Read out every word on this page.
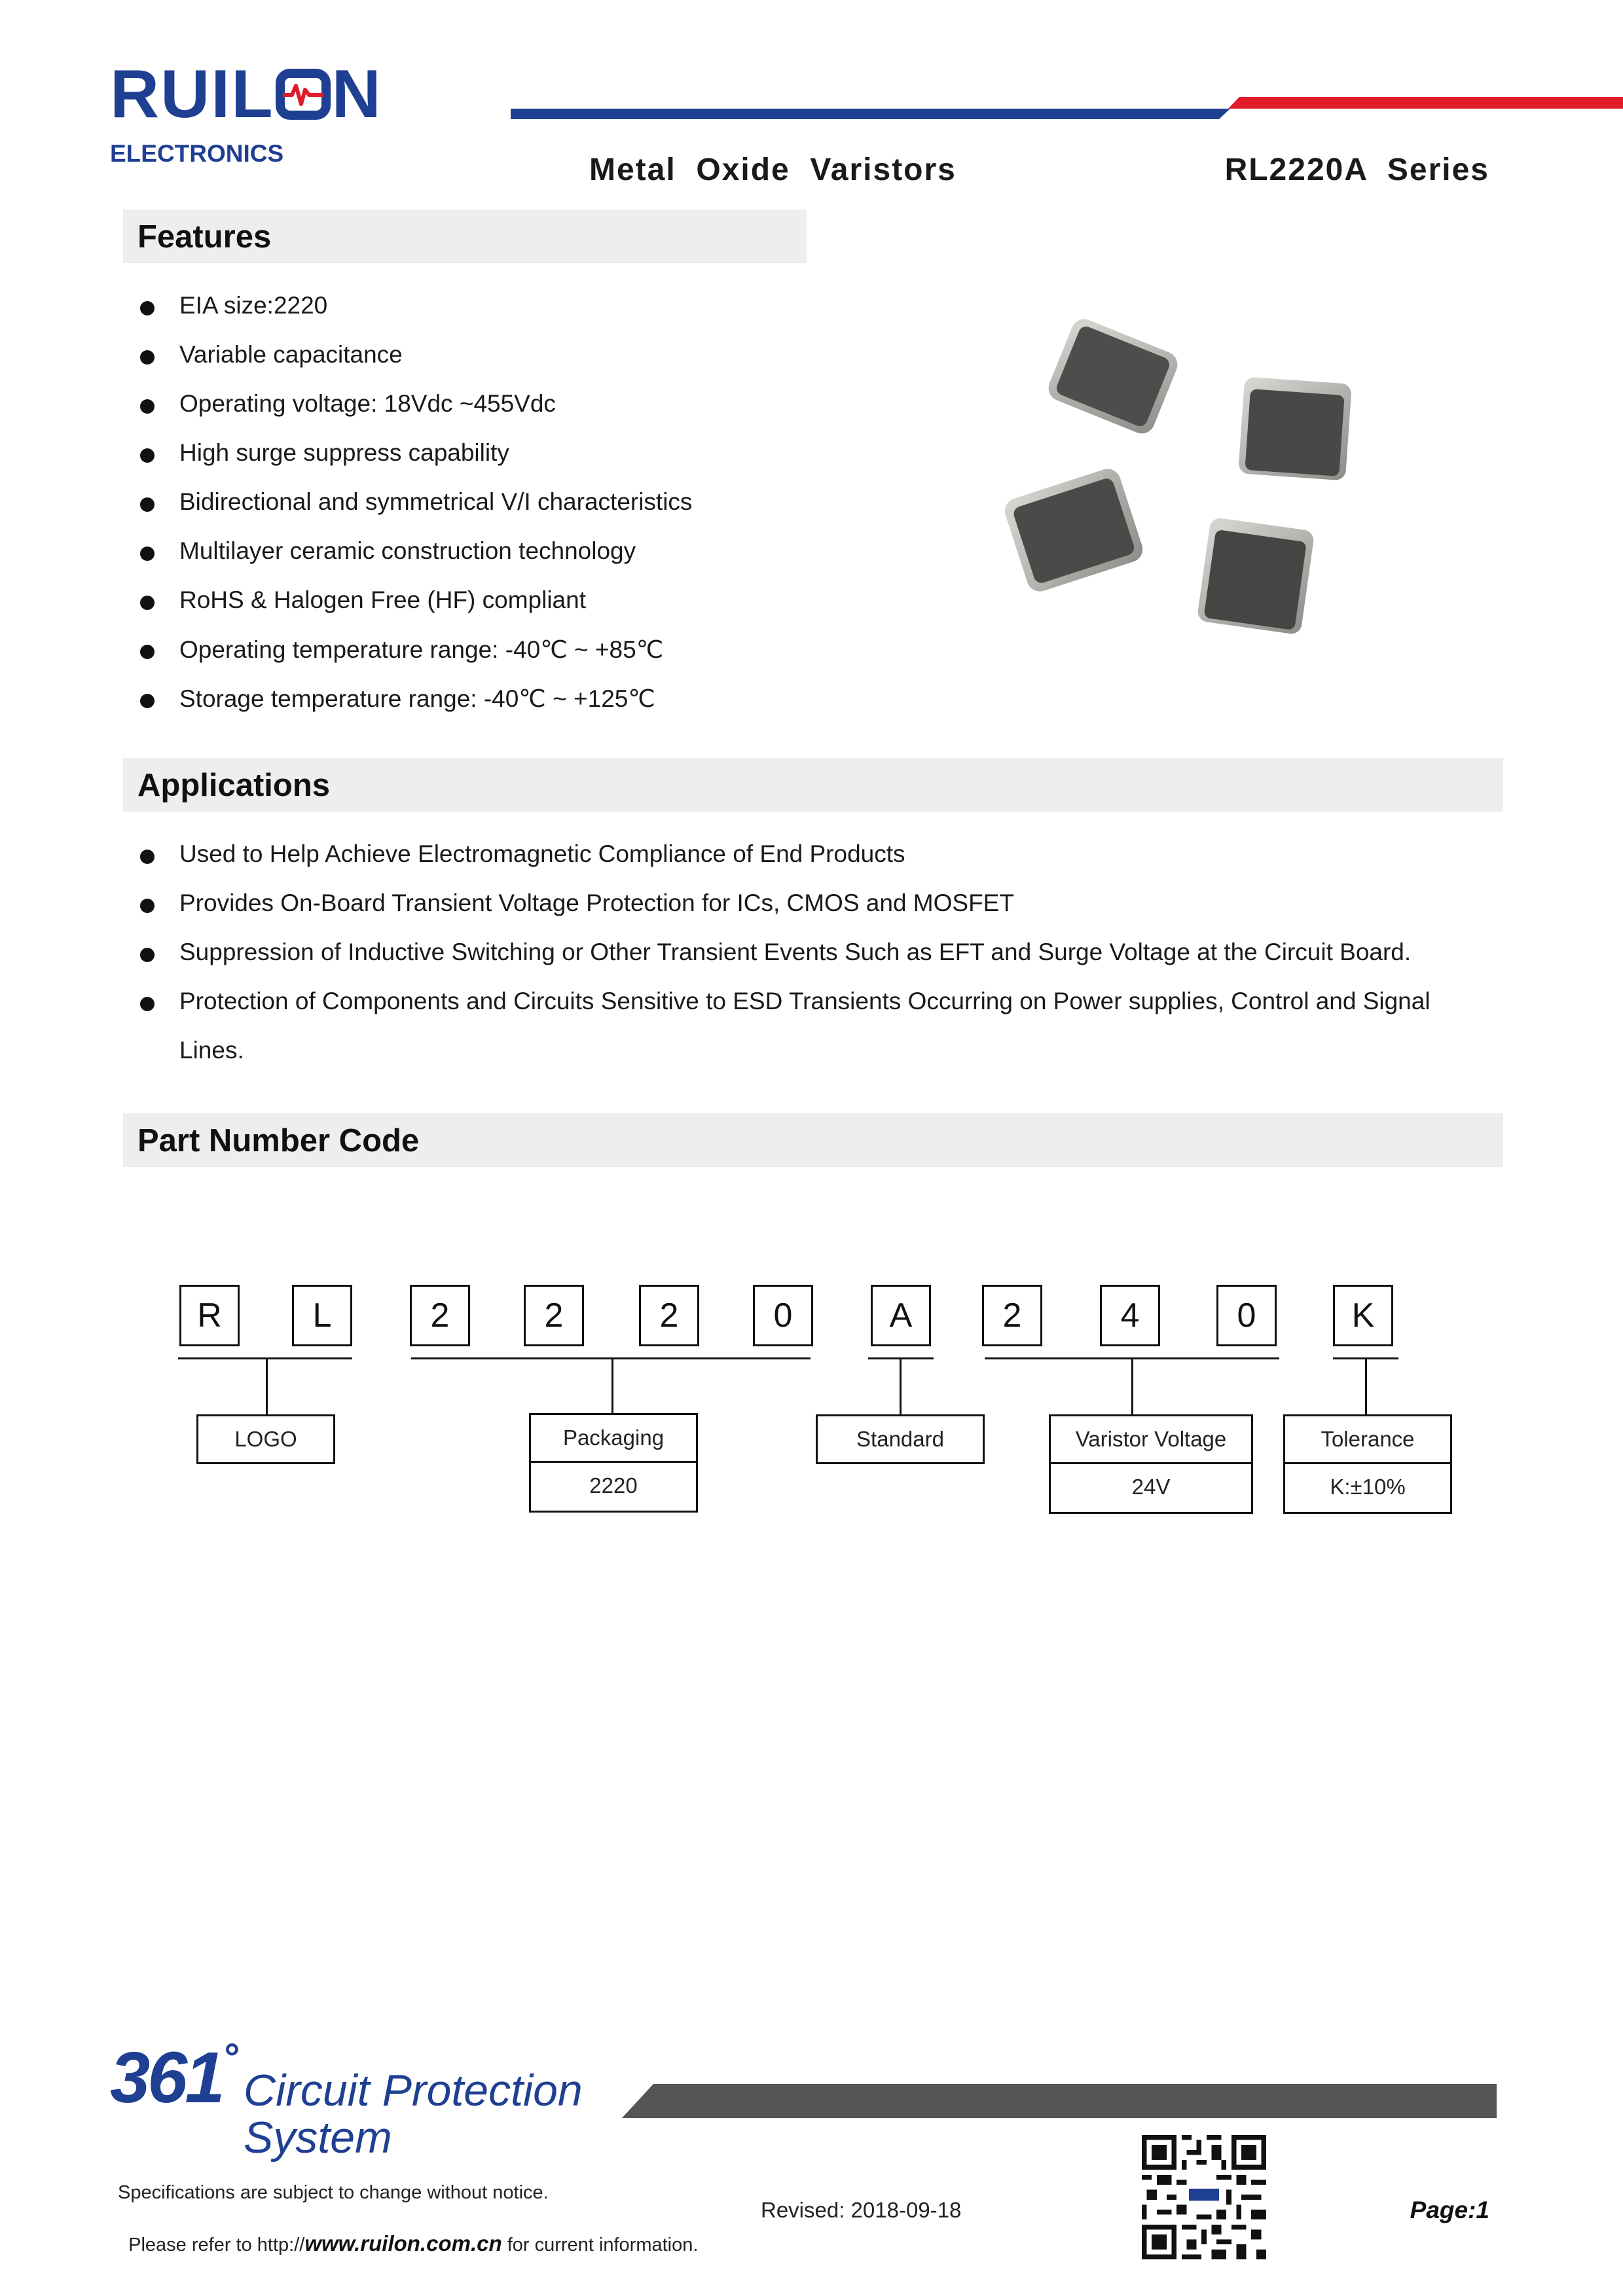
RUIL N
ELECTRONICS	Metal  Oxide  Varistors	RL2220A  Series
Features
EIA size:2220
Variable capacitance
Operating voltage: 18Vdc ~455Vdc
High surge suppress capability
Bidirectional and symmetrical V/I characteristics
Multilayer ceramic construction technology
RoHS & Halogen Free (HF) compliant
Operating temperature range: -40℃ ~ +85℃
Storage temperature range: -40℃ ~ +125℃
Applications
Used to Help Achieve Electromagnetic Compliance of End Products
Provides On-Board Transient Voltage Protection for ICs, CMOS and MOSFET
Suppression of Inductive Switching or Other Transient Events Such as EFT and Surge Voltage at the Circuit Board.
Protection of Components and Circuits Sensitive to ESD Transients Occurring on Power supplies, Control and Signal
Lines.
Part Number Code
R	L	2	2	2	0	A	2	4	0	K
LOGO	Packaging
2220
Standard	Varistor Voltage
24V
Tolerance
K:±10%
361°
Circuit Protection
System
Specifications are subject to change without notice.

Please refer to http://www.ruilon.com.cn for current information.

Revised: 2018-09-18	Page:1
